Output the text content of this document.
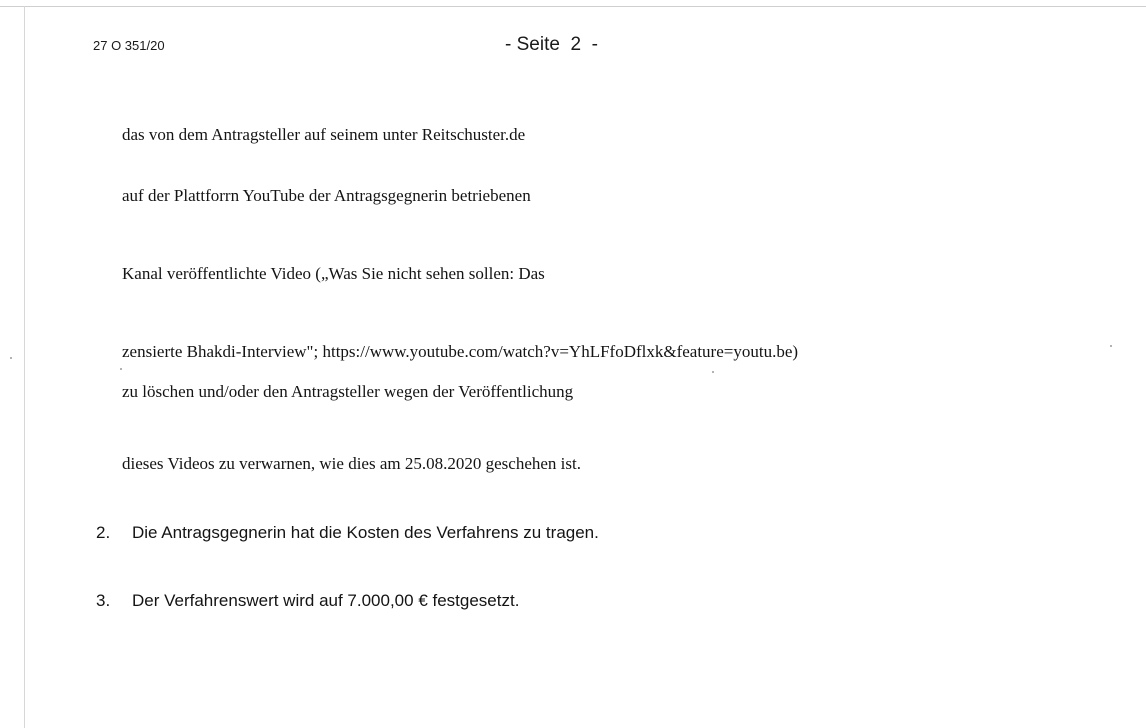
27 O 351/20	- Seite  2  -
das von dem Antragsteller auf seinem unter Reitschuster.de
auf der Plattforrn YouTube der Antragsgegnerin betriebenen
Kanal veröffentlichte Video („Was Sie nicht sehen sollen: Das
zensierte Bhakdi-Interview"; https://www.youtube.com/watch?v=YhLFfoDflxk&feature=youtu.be)
zu löschen und/oder den Antragsteller wegen der Veröffentlichung
dieses Videos zu verwarnen, wie dies am 25.08.2020 geschehen ist.
2. Die Antragsgegnerin hat die Kosten des Verfahrens zu tragen.
3. Der Verfahrenswert wird auf 7.000,00 € festgesetzt.
